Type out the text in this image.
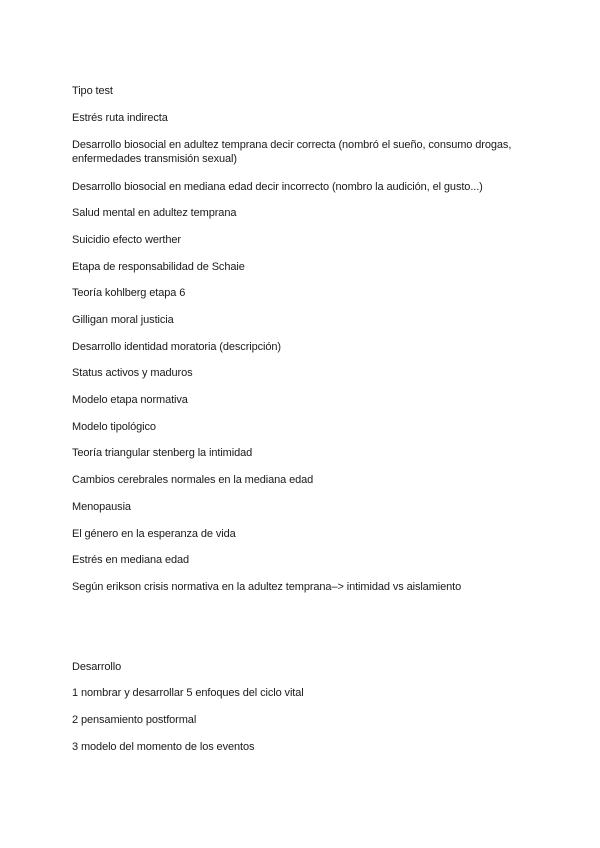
Tipo test
Estrés ruta indirecta
Desarrollo biosocial en adultez temprana decir correcta (nombró el sueño, consumo drogas, enfermedades transmisión sexual)
Desarrollo biosocial en mediana edad decir incorrecto (nombro la audición, el gusto...)
Salud mental en adultez temprana
Suicidio efecto werther
Etapa de responsabilidad de Schaie
Teoría kohlberg etapa 6
Gilligan moral justicia
Desarrollo identidad moratoria (descripción)
Status activos y maduros
Modelo etapa normativa
Modelo tipológico
Teoría triangular stenberg la intimidad
Cambios cerebrales normales en la mediana edad
Menopausia
El género en la esperanza de vida
Estrés en mediana edad
Según erikson crisis normativa en la adultez temprana–> intimidad vs aislamiento
Desarrollo
1 nombrar y desarrollar 5 enfoques del ciclo vital
2 pensamiento postformal
3 modelo del momento de los eventos
